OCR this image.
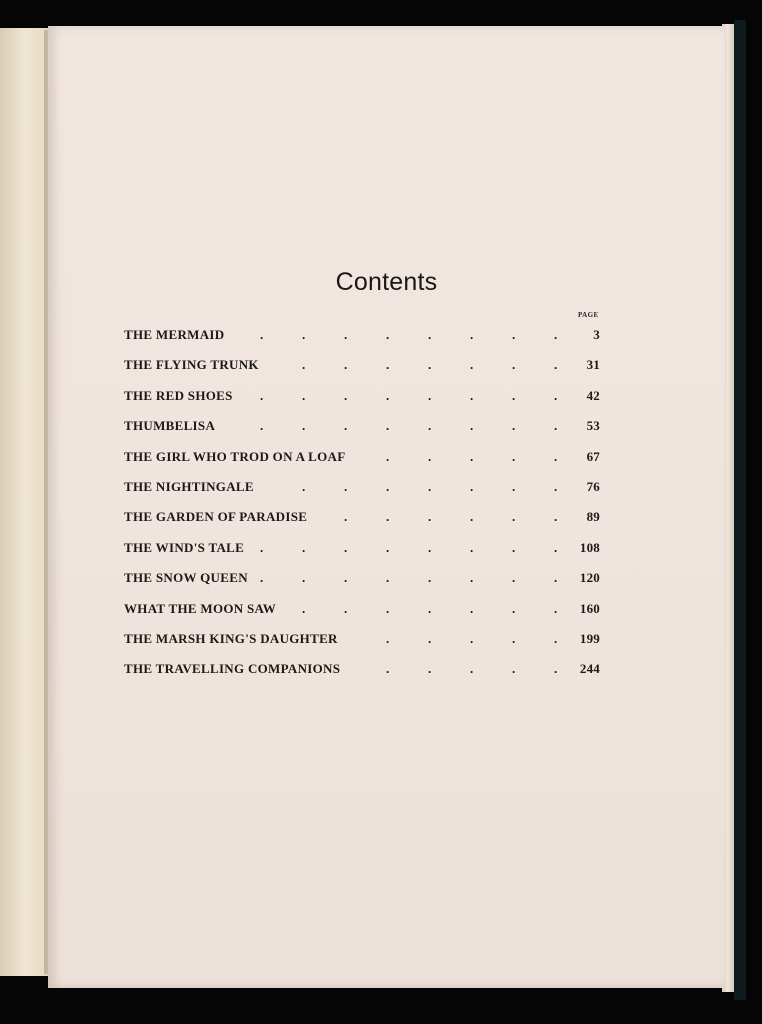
Contents
PAGE
THE MERMAID	.	.	.	.	.	.	.	.	3
THE FLYING TRUNK	.	.	.	.	.	.	. 31
THE RED SHOES .	.	.	.	.	.	.	. 42
THUMBELISA	.	.	.	.	.	.	.	. 53
THE GIRL WHO TROD ON A LOAF	.	.	.	.	. 67
THE NIGHTINGALE	.	.	.	.	.	.	. 76
THE GARDEN OF PARADISE	.	.	.	.	.	. 89
THE WIND'S TALE .	.	.	.	.	.	.	. 108
THE SNOW QUEEN .	.	.	.	.	.	.	. 120
WHAT THE MOON SAW .	.	.	.	.	.	. 160
THE MARSH KING'S DAUGHTER	.	.	.	.	. 199
THE TRAVELLING COMPANIONS	.	.	.	.	. 244
